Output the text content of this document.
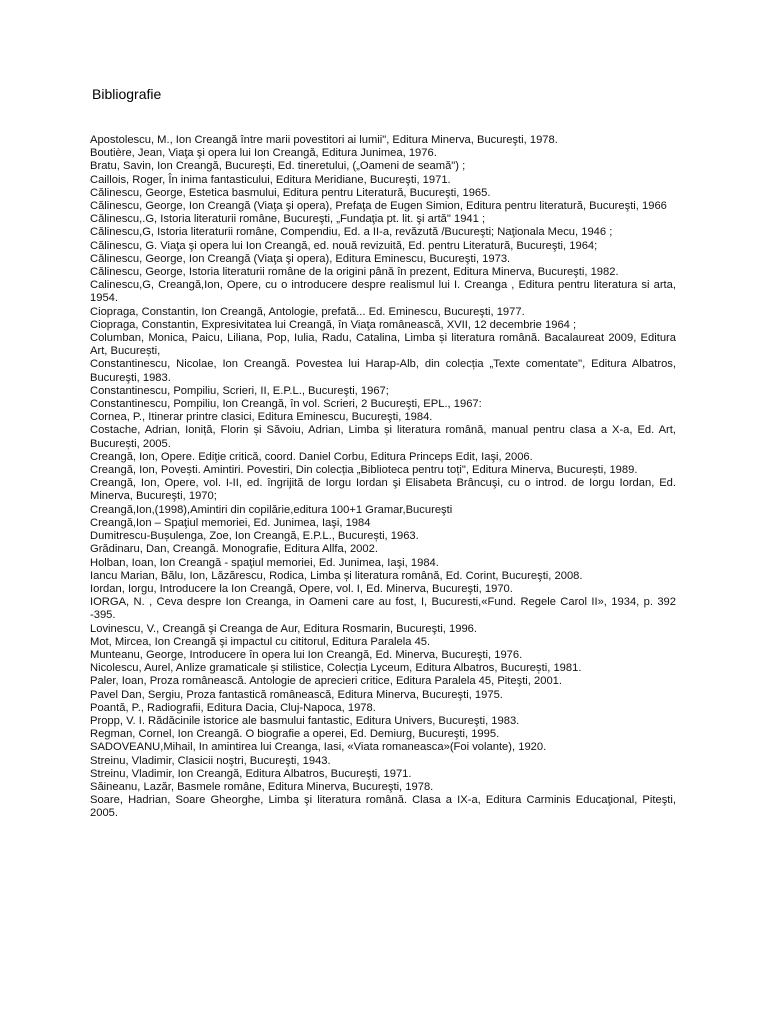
Bibliografie
Apostolescu, M., Ion Creangă între marii povestitori ai lumii", Editura Minerva, Bucureşti, 1978.
Boutière, Jean, Viaţa şi opera lui Ion Creangă, Editura Junimea, 1976.
Bratu, Savin, Ion Creangă, Bucureşti, Ed. tineretului, („Oameni de seamă") ;
Caillois, Roger, În inima fantasticului, Editura Meridiane, Bucureşti, 1971.
Călinescu, George, Estetica basmului, Editura pentru Literatură, Bucureşti, 1965.
Călinescu, George, Ion Creangă (Viaţa şi opera), Prefaţa de Eugen Simion, Editura pentru literatură, Bucureşti, 1966
Călinescu,.G, Istoria literaturii române, Bucureşti, „Fundaţia pt. lit. şi artă" 1941 ;
Călinescu,G, Istoria literaturii române, Compendiu, Ed. a II-a, revăzută /Bucureşti; Naţionala Mecu, 1946 ;
Călinescu, G. Viaţa şi opera lui Ion Creangă, ed. nouă revizuită, Ed. pentru Literatură, Bucureşti, 1964;
Călinescu, George, Ion Creangă (Viaţa şi opera), Editura Eminescu, Bucureşti, 1973.
Călinescu, George, Istoria literaturii române de la origini până în prezent, Editura Minerva, Bucureşti, 1982.
Calinescu,G, Creangă,Ion, Opere, cu o introducere despre realismul lui I. Creanga , Editura pentru literatura si arta, 1954.
Ciopraga, Constantin, Ion Creangă, Antologie, prefată... Ed. Eminescu, Bucureşti, 1977.
Ciopraga, Constantin, Expresivitatea lui Creangă, în Viaţa românească, XVII, 12 decembrie 1964 ;
Columban, Monica, Paicu, Liliana, Pop, Iulia, Radu, Catalina, Limba și literatura română. Bacalaureat 2009, Editura Art, București,
Constantinescu, Nicolae, Ion Creangă. Povestea lui Harap-Alb, din colecția „Texte comentate", Editura Albatros, Bucureşti, 1983.
Constantinescu, Pompiliu, Scrieri, II, E.P.L., Bucureşti, 1967;
Constantinescu, Pompiliu, Ion Creangă, în vol. Scrieri, 2 Bucureşti, EPL., 1967:
Cornea, P., Itinerar printre clasici, Editura Eminescu, Bucureşti, 1984.
Costache, Adrian, Ioniță, Florin și Săvoiu, Adrian, Limba și literatura română, manual pentru clasa a X-a, Ed. Art, București, 2005.
Creangă, Ion, Opere. Ediţie critică, coord. Daniel Corbu, Editura Princeps Edit, Iaşi, 2006.
Creangă, Ion, Povești. Amintiri. Povestiri, Din colecția „Biblioteca pentru toți", Editura Minerva, București, 1989.
Creangă, Ion, Opere, vol. I-II, ed. îngrijită de Iorgu Iordan şi Elisabeta Brâncuşi, cu o introd. de Iorgu Iordan, Ed. Minerva, Bucureşti, 1970;
Creangă,Ion,(1998),Amintiri din copilărie,editura 100+1 Gramar,Bucureşti
Creangă,Ion – Spaţiul memoriei, Ed. Junimea, Iaşi, 1984
Dumitrescu-Bușulenga, Zoe, Ion Creangă, E.P.L., București, 1963.
Grădinaru, Dan, Creangă. Monografie, Editura Allfa, 2002.
Holban, Ioan, Ion Creangă - spaţiul memoriei, Ed. Junimea, Iaşi, 1984.
Iancu Marian, Bălu, Ion, Lăzărescu, Rodica, Limba și literatura română, Ed. Corint, Bucureşti, 2008.
Iordan, Iorgu, Introducere la Ion Creangă, Opere, vol. I, Ed. Minerva, Bucureşti, 1970.
IORGA, N. , Ceva despre Ion Creanga, in Oameni care au fost, I, Bucuresti,«Fund. Regele Carol II», 1934, p. 392 -395.
Lovinescu, V., Creangă şi Creanga de Aur, Editura Rosmarin, Bucureşti, 1996.
Mot, Mircea, Ion Creangă şi impactul cu cititorul, Editura Paralela 45.
Munteanu, George, Introducere în opera lui Ion Creangă, Ed. Minerva, Bucureşti, 1976.
Nicolescu, Aurel, Anlize gramaticale și stilistice, Colecția Lyceum, Editura Albatros, București, 1981.
Paler, Ioan, Proza românească. Antologie de aprecieri critice, Editura Paralela 45, Piteşti, 2001.
Pavel Dan, Sergiu, Proza fantastică românească, Editura Minerva, Bucureşti, 1975.
Poantă, P., Radiografii, Editura Dacia, Cluj-Napoca, 1978.
Propp, V. I. Rădăcinile istorice ale basmului fantastic, Editura Univers, Bucureşti, 1983.
Regman, Cornel, Ion Creangă. O biografie a operei, Ed. Demiurg, Bucureşti, 1995.
SADOVEANU,Mihail, In amintirea lui Creanga, Iasi, «Viata romaneasca»(Foi volante), 1920.
Streinu, Vladimir, Clasicii noştri, Bucureşti, 1943.
Streinu, Vladimir, Ion Creangă, Editura Albatros, Bucureşti, 1971.
Săineanu, Lazăr, Basmele române, Editura Minerva, Bucureşti, 1978.
Soare, Hadrian, Soare Gheorghe, Limba şi literatura română. Clasa a IX-a, Editura Carminis Educaţional, Piteşti, 2005.
